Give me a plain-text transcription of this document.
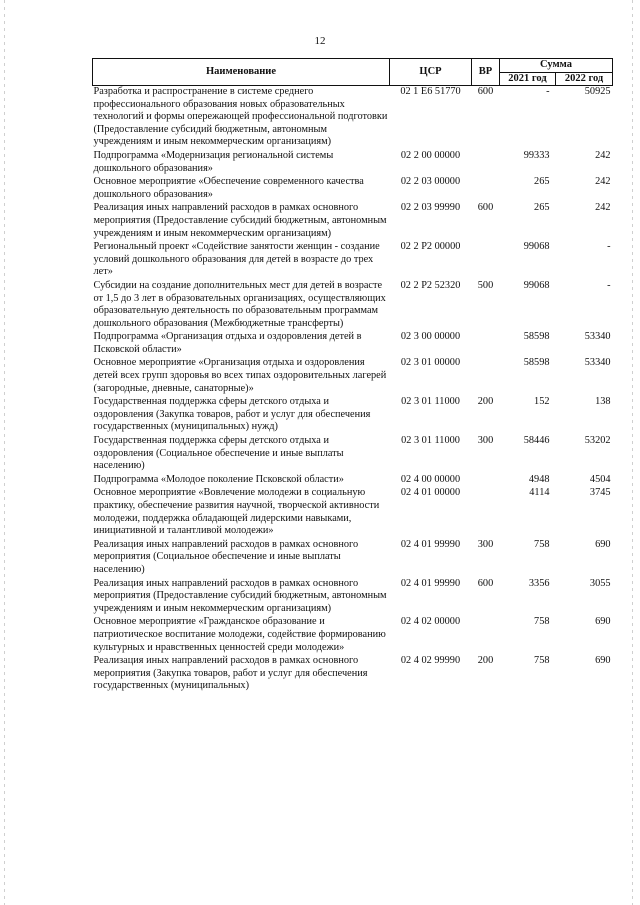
12
Наименование	ЦСР	ВР	Сумма	
			2021 год	2022 год
Разработка и распространение в системе среднего профессионального образования новых образовательных технологий и формы опережающей профессиональной подготовки (Предоставление субсидий бюджетным, автономным учреждениям и иным некоммерческим организациям)	02 1 Е6 51770	600	-	50925
Подпрограмма «Модернизация региональной системы дошкольного образования»	02 2 00 00000		99333	242
Основное мероприятие «Обеспечение современного качества дошкольного образования»	02 2 03 00000		265	242
Реализация иных направлений расходов в рамках основного мероприятия (Предоставление субсидий бюджетным, автономным учреждениям и иным некоммерческим организациям)	02 2 03 99990	600	265	242
Региональный проект «Содействие занятости женщин - создание условий дошкольного образования для детей в возрасте до трех лет»	02 2 Р2 00000		99068	-
Субсидии на создание дополнительных мест для детей в возрасте от 1,5 до 3 лет в образовательных организациях, осуществляющих образовательную деятельность по образовательным программам дошкольного образования (Межбюджетные трансферты)	02 2 Р2 52320	500	99068	-
Подпрограмма «Организация отдыха и оздоровления детей в Псковской области»	02 3 00 00000		58598	53340
Основное мероприятие «Организация отдыха и оздоровления детей всех групп здоровья во всех типах оздоровительных лагерей (загородные, дневные, санаторные)»	02 3 01 00000		58598	53340
Государственная поддержка сферы детского отдыха и оздоровления (Закупка товаров, работ и услуг для обеспечения государственных (муниципальных) нужд)	02 3 01 11000	200	152	138
Государственная поддержка сферы детского отдыха и оздоровления (Социальное обеспечение и иные выплаты населению)	02 3 01 11000	300	58446	53202
Подпрограмма «Молодое поколение Псковской области»	02 4 00 00000		4948	4504
Основное мероприятие «Вовлечение молодежи в социальную практику, обеспечение развития научной, творческой активности молодежи, поддержка обладающей лидерскими навыками, инициативной и талантливой молодежи»	02 4 01 00000		4114	3745
Реализация иных направлений расходов в рамках основного мероприятия (Социальное обеспечение и иные выплаты населению)	02 4 01 99990	300	758	690
Реализация иных направлений расходов в рамках основного мероприятия (Предоставление субсидий бюджетным, автономным учреждениям и иным некоммерческим организациям)	02 4 01 99990	600	3356	3055
Основное мероприятие «Гражданское образование и патриотическое воспитание молодежи, содействие формированию культурных и нравственных ценностей среди молодежи»	02 4 02 00000		758	690
Реализация иных направлений расходов в рамках основного мероприятия (Закупка товаров, работ и услуг для обеспечения государственных (муниципальных)	02 4 02 99990	200	758	690
